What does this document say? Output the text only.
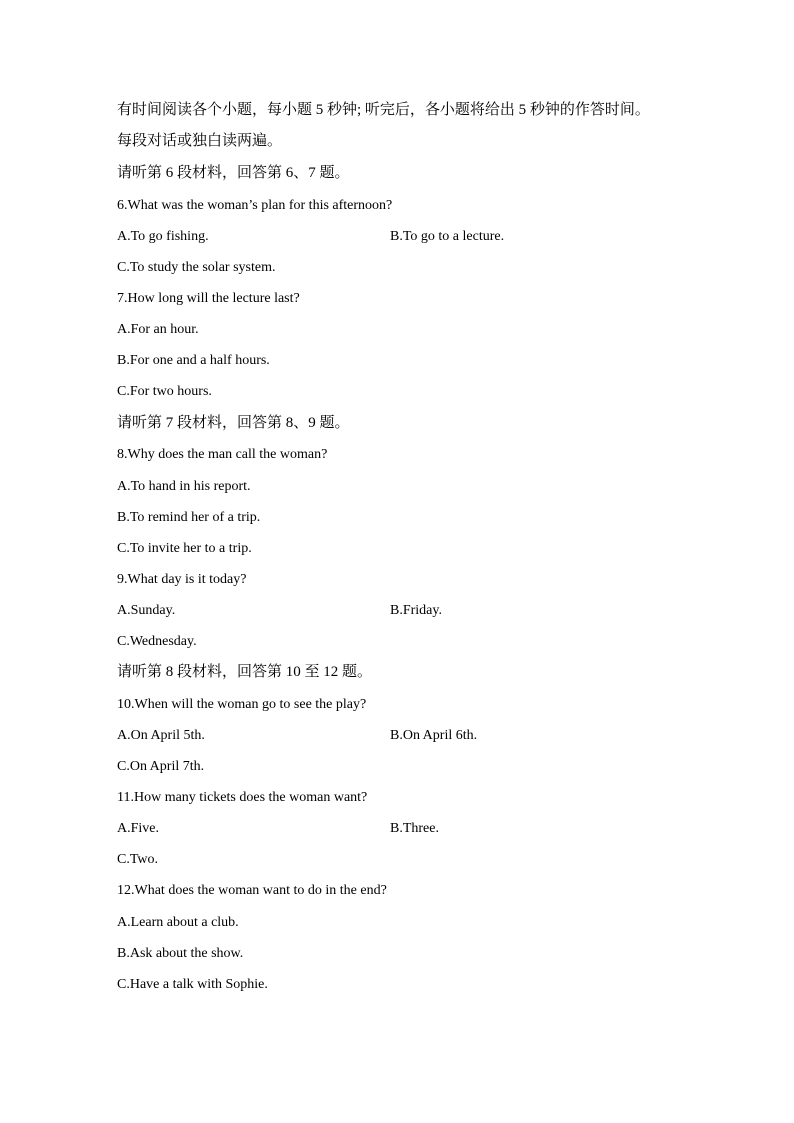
有时间阅读各个小题，每小题 5 秒钟; 听完后，各小题将给出 5 秒钟的作答时间。
每段对话或独白读两遍。
请听第 6 段材料，回答第 6、7 题。
6.What was the woman’s plan for this afternoon?
A.To go fishing.	B.To go to a lecture.
C.To study the solar system.
7.How long will the lecture last?
A.For an hour.
B.For one and a half hours.
C.For two hours.
请听第 7 段材料，回答第 8、9 题。
8.Why does the man call the woman?
A.To hand in his report.
B.To remind her of a trip.
C.To invite her to a trip.
9.What day is it today?
A.Sunday.	B.Friday.
C.Wednesday.
请听第 8 段材料，回答第 10 至 12 题。
10.When will the woman go to see the play?
A.On April 5th.	B.On April 6th.
C.On April 7th.
11.How many tickets does the woman want?
A.Five.	B.Three.
C.Two.
12.What does the woman want to do in the end?
A.Learn about a club.
B.Ask about the show.
C.Have a talk with Sophie.
